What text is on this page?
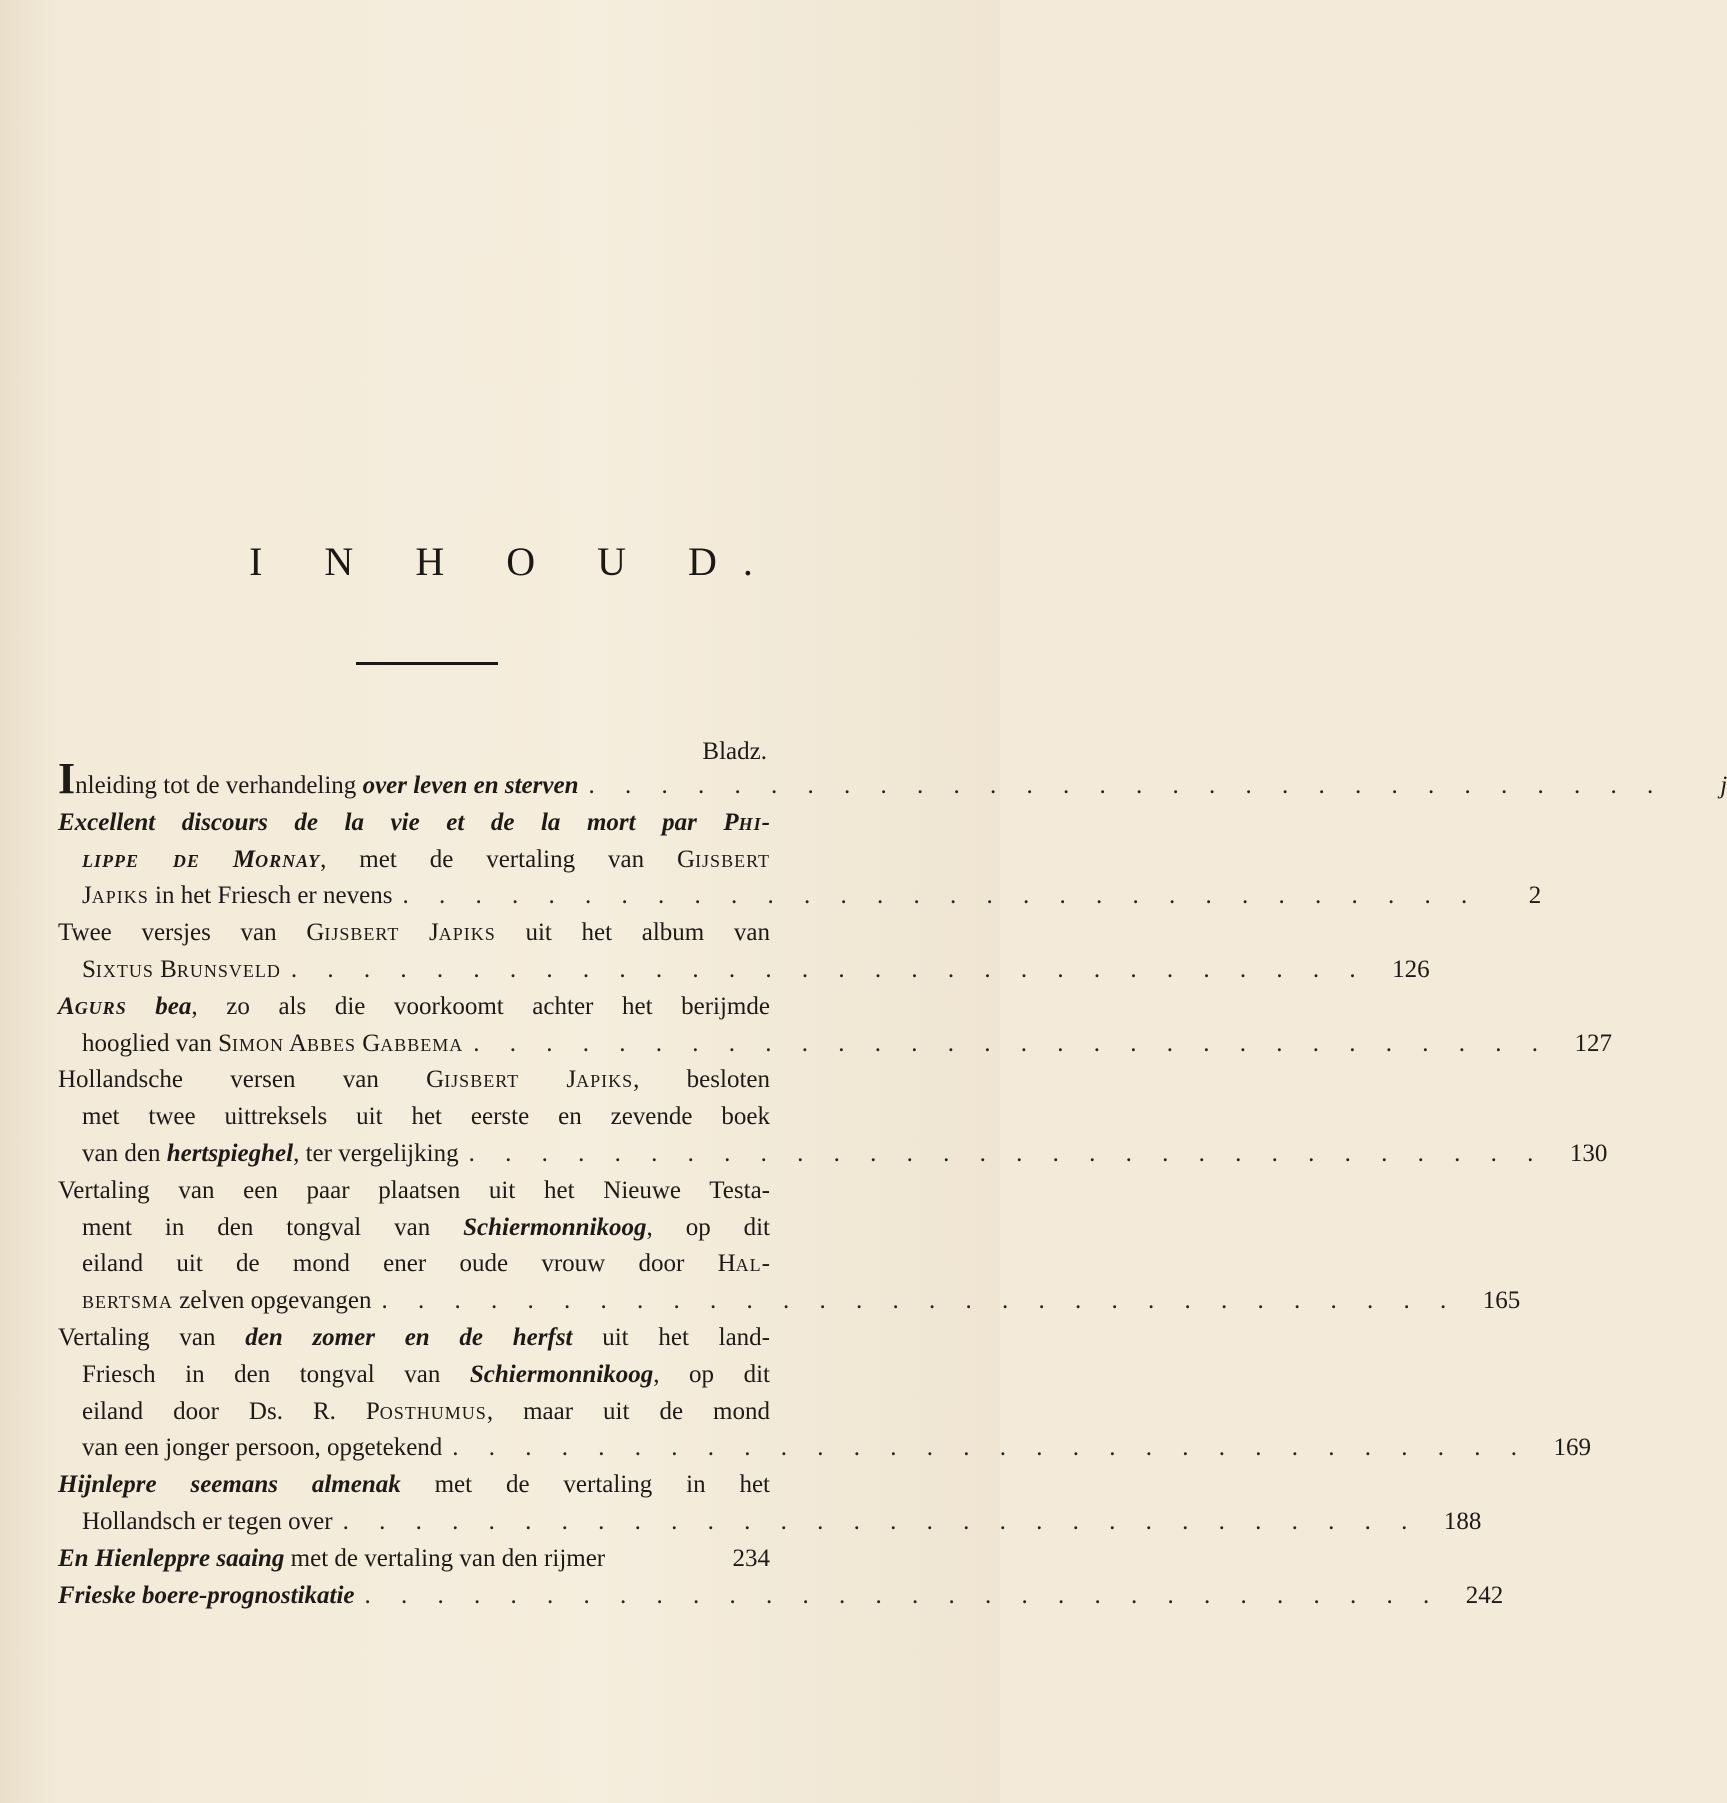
I N H O U D.
Bladz.
Inleiding tot de verhandeling over leven en sterven . . . . . . . . . . . . . . . . . . . . . . . . . . . . . .	j
Excellent discours de la vie et de la mort par Phi-
lippe de Mornay, met de vertaling van Gijsbert
Japiks in het Friesch er nevens . . . . . . . . . . . . . . . . . . . . . . . . . . . . . .	2
Twee versjes van Gijsbert Japiks uit het album van
Sixtus Brunsveld . . . . . . . . . . . . . . . . . . . . . . . . . . . . . . 126
Agurs bea, zo als die voorkoomt achter het berijmde
hooglied van Simon Abbes Gabbema . . . . . . . . . . . . . . . . . . . . . . . . . . . . . . 127
Hollandsche versen van Gijsbert Japiks, besloten
met twee uittreksels uit het eerste en zevende boek
van den hertspieghel, ter vergelijking . . . . . . . . . . . . . . . . . . . . . . . . . . . . . . 130
Vertaling van een paar plaatsen uit het Nieuwe Testa-
ment in den tongval van Schiermonnikoog, op dit
eiland uit de mond ener oude vrouw door Hal-
bertsma zelven opgevangen . . . . . . . . . . . . . . . . . . . . . . . . . . . . . . 165
Vertaling van den zomer en de herfst uit het land-
Friesch in den tongval van Schiermonnikoog, op dit
eiland door Ds. R. Posthumus, maar uit de mond
van een jonger persoon, opgetekend . . . . . . . . . . . . . . . . . . . . . . . . . . . . . . 169
Hijnlepre seemans almenak met de vertaling in het
Hollandsch er tegen over . . . . . . . . . . . . . . . . . . . . . . . . . . . . . . 188
En Hienleppre saaing met de vertaling van den rijmer	234
Frieske boere-prognostikatie . . . . . . . . . . . . . . . . . . . . . . . . . . . . . . 242
